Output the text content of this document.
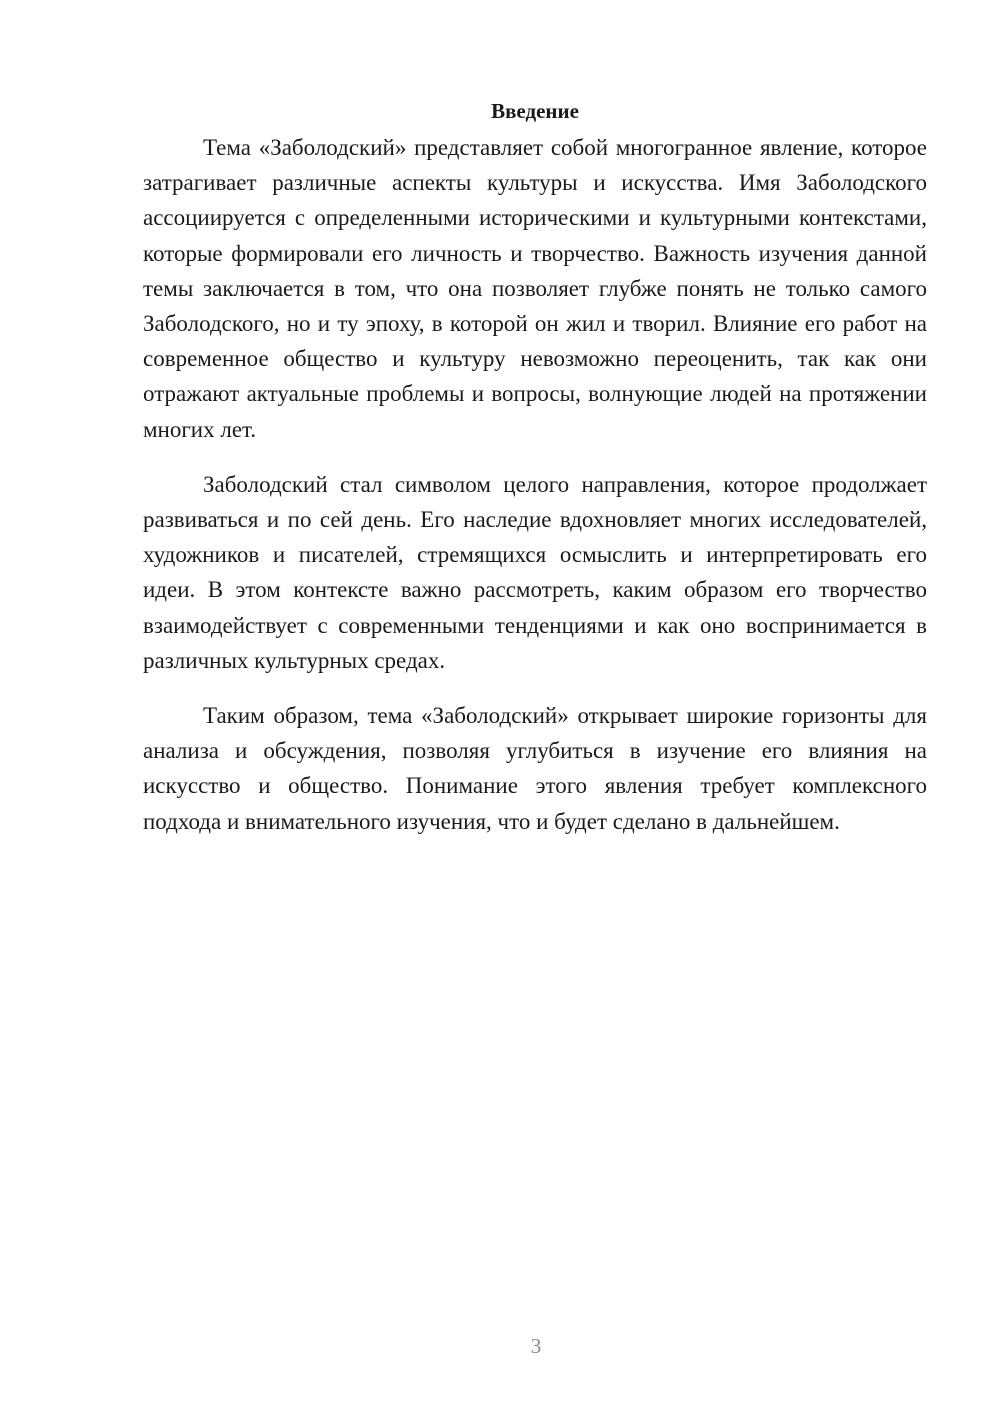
Введение

Тема «Заболодский» представляет собой многогранное явление, которое затрагивает различные аспекты культуры и искусства. Имя Заболодского ассоциируется с определенными историческими и культурными контекстами, которые формировали его личность и творчество. Важность изучения данной темы заключается в том, что она позволяет глубже понять не только самого Заболодского, но и ту эпоху, в которой он жил и творил. Влияние его работ на современное общество и культуру невозможно переоценить, так как они отражают актуальные проблемы и вопросы, волнующие людей на протяжении многих лет.

Заболодский стал символом целого направления, которое продолжает развиваться и по сей день. Его наследие вдохновляет многих исследователей, художников и писателей, стремящихся осмыслить и интерпретировать его идеи. В этом контексте важно рассмотреть, каким образом его творчество взаимодействует с современными тенденциями и как оно воспринимается в различных культурных средах.

Таким образом, тема «Заболодский» открывает широкие горизонты для анализа и обсуждения, позволяя углубиться в изучение его влияния на искусство и общество. Понимание этого явления требует комплексного подхода и внимательного изучения, что и будет сделано в дальнейшем.

3
